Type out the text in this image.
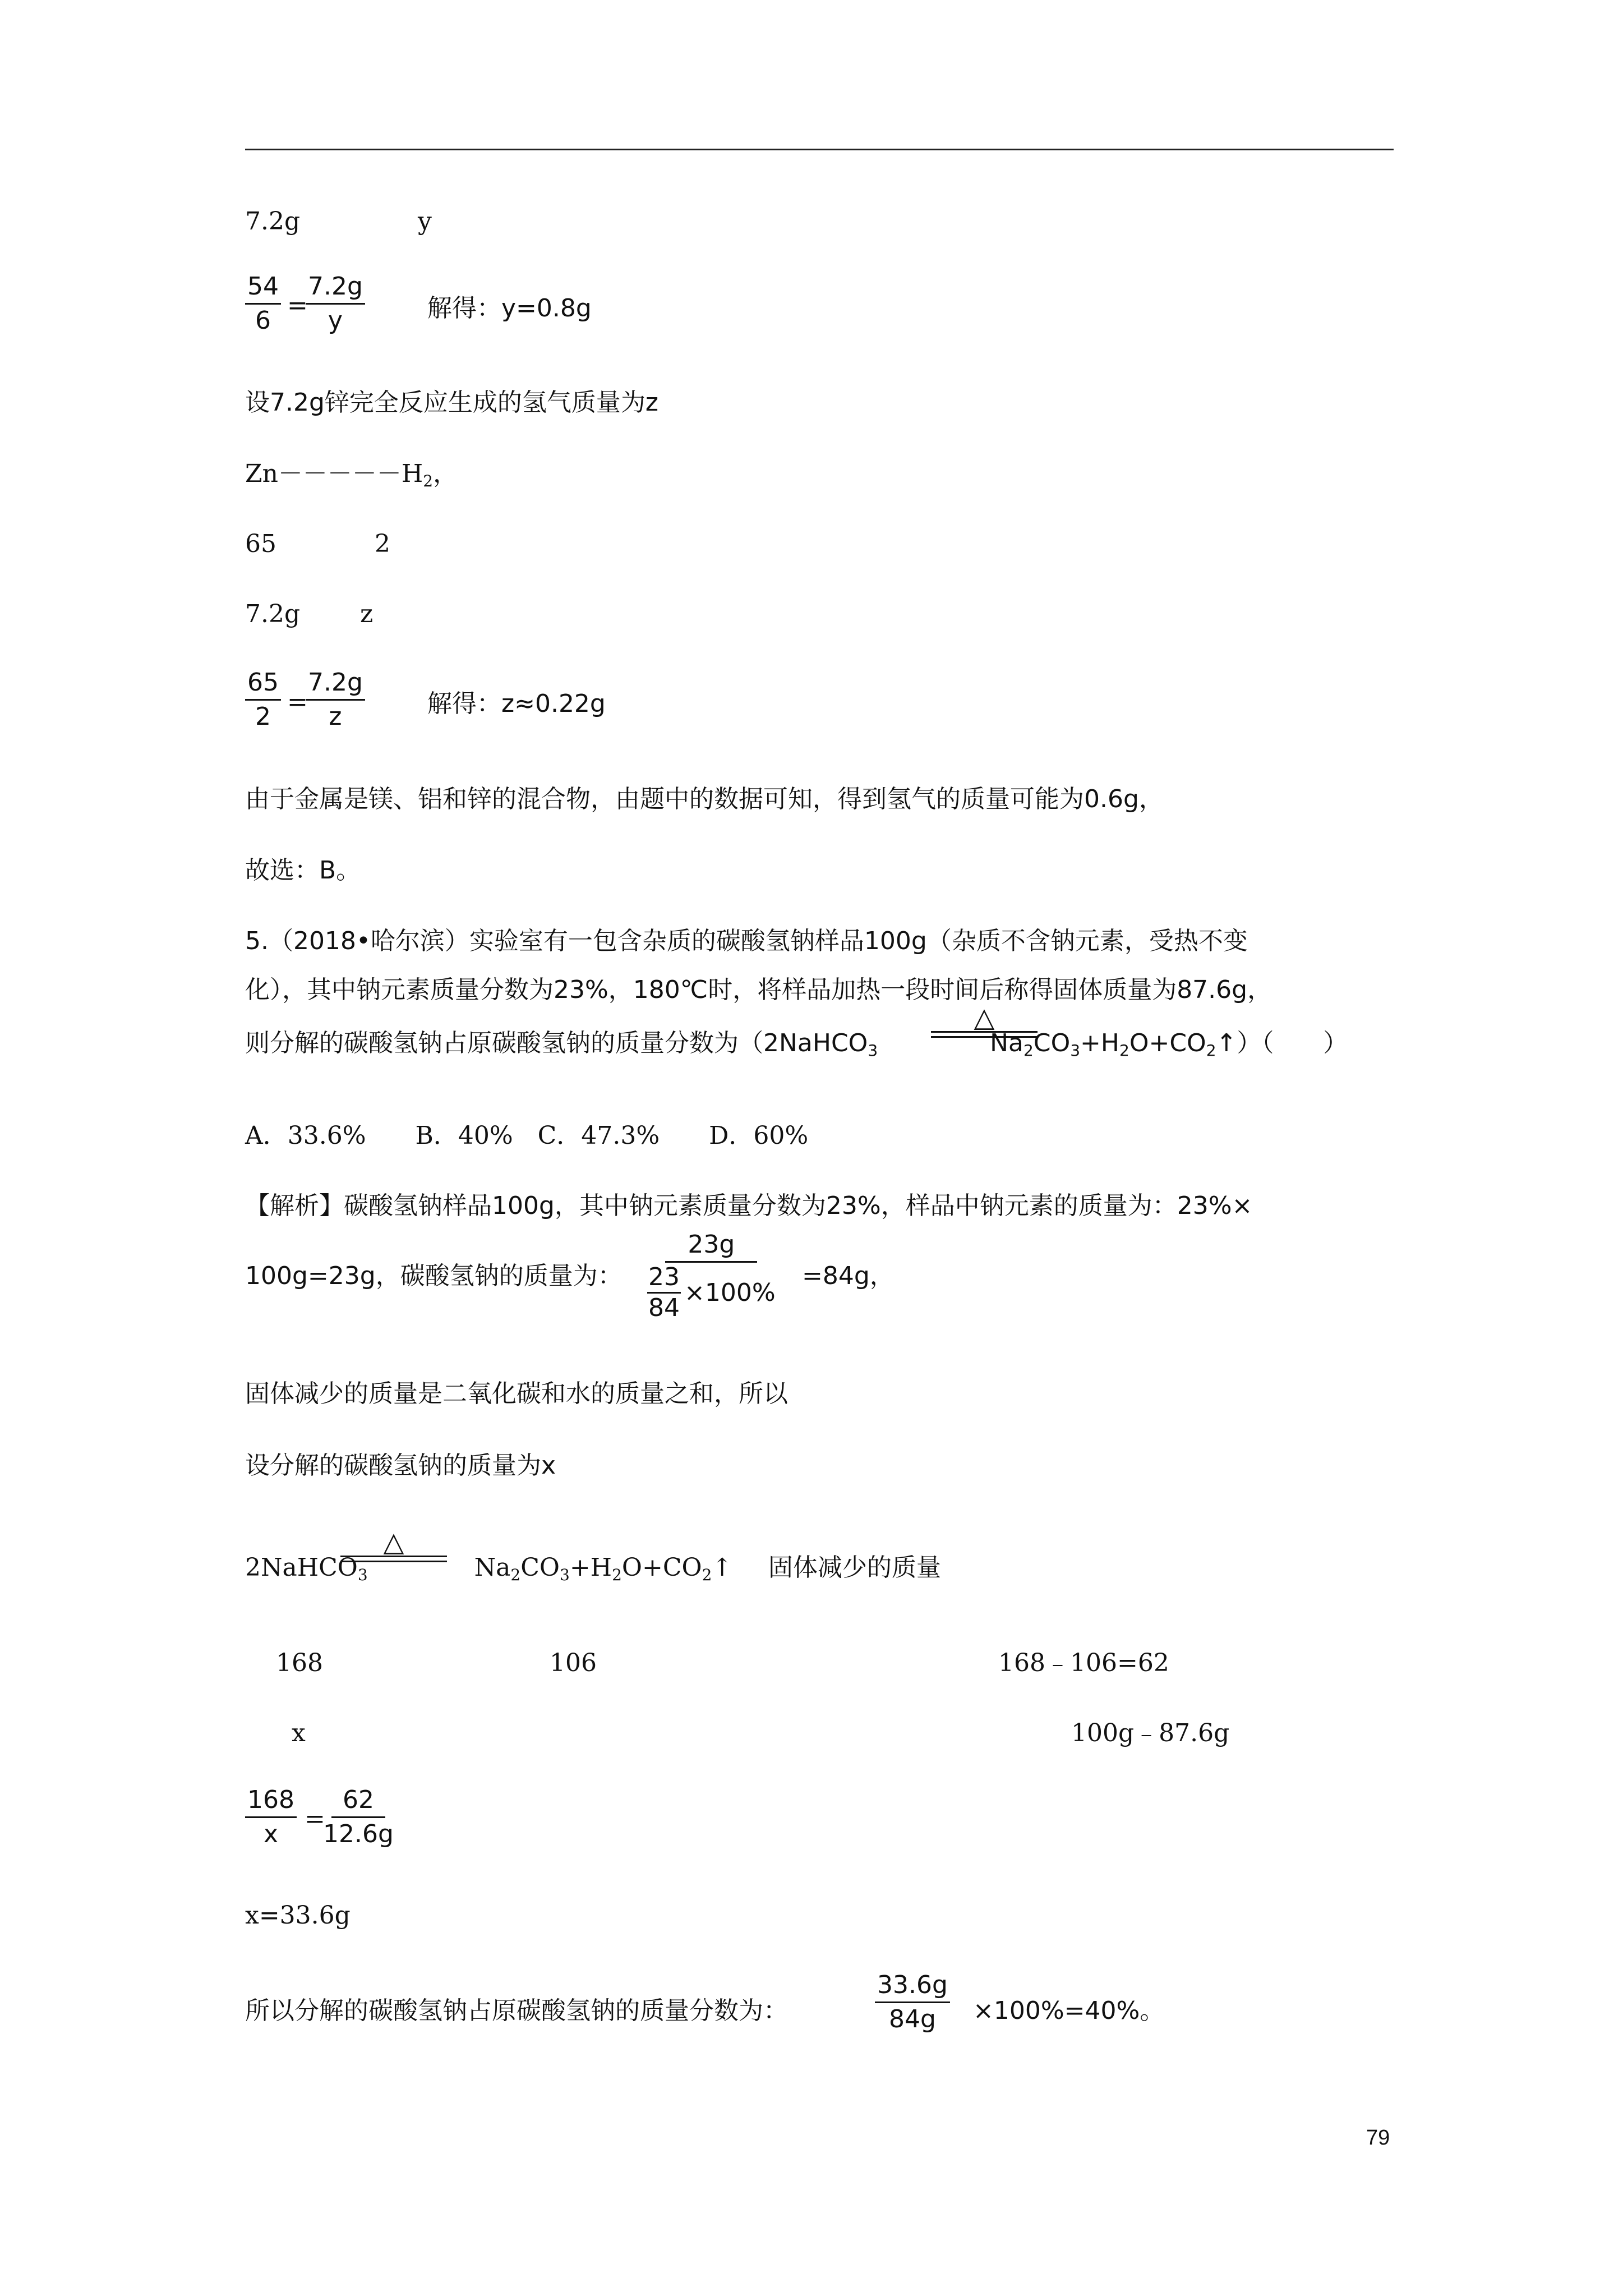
7.2g	y
$\frac{54}{6}$ =
$\frac{7.2g}{y}$	解得：y=0.8g
设7.2g锌完全反应生成的氢气质量为z
$Zn-----H_2$，
65	2
7.2g z
$\frac{65}{2}$ =
$\frac{7.2g}{z}$	解得：z≈0.22g
由于金属是镁、铝和锌的混合物，由题中的数据可知，得到氢气的质量可能为0.6g，
故选：B。
5.（2018•哈尔滨）实验室有一包含杂质的碳酸氢钠样品100g（杂质不含钠元素，受热不变
化），其中钠元素质量分数为23%，180℃时，将样品加热一段时间后称得固体质量为87.6g，
则分解的碳酸氢钠占原碳酸氢钠的质量分数为（2NaHCO$_3$	$Na_2CO_3+H_2O+CO_2↑$）（　　）
△
A．33.6%　　B．40%　C．47.3%　　D．60%
【解析】碳酸氢钠样品100g，其中钠元素质量分数为23%，样品中钠元素的质量为：23%×
100g=23g，碳酸氢钠的质量为： $\frac{23g}{\frac{23}{84} \times 100\%} =84g$，
固体减少的质量是二氧化碳和水的质量之和，所以
设分解的碳酸氢钠的质量为x
2NaHCO$_3$	$Na_2CO_3+H_2O+CO_2↑$
△
固体减少的质量
168	106	168﹣106=62
x	100g﹣87.6g
$\frac{168}{x}$ =
$\frac{62}{12.6g}$
x=33.6g
所以分解的碳酸氢钠占原碳酸氢钠的质量分数为：	$\frac{33.6g}{84g} \times 100\%=40\%$。
79
